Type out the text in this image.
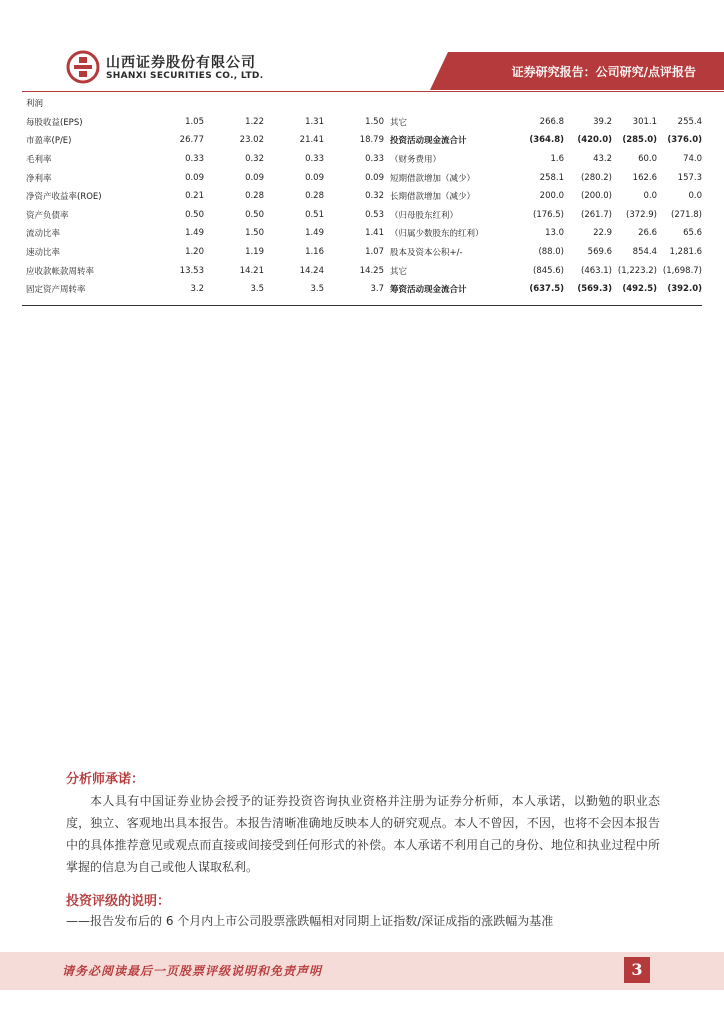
山西证券股份有限公司
SHANXI SECURITIES CO., LTD.	证券研究报告：公司研究/点评报告
利润									
每股收益(EPS)	1.05	1.22	1.31	1.50	其它	266.8	39.2	301.1	255.4
市盈率(P/E)	26.77	23.02	21.41	18.79	投资活动现金流合计	(364.8)	(420.0)	(285.0)	(376.0)
毛利率	0.33	0.32	0.33	0.33	（财务费用）	1.6	43.2	60.0	74.0
净利率	0.09	0.09	0.09	0.09	短期借款增加（减少）	258.1	(280.2)	162.6	157.3
净资产收益率(ROE)	0.21	0.28	0.28	0.32	长期借款增加（减少）	200.0	(200.0)	0.0	0.0
资产负债率	0.50	0.50	0.51	0.53	（归母股东红利）	(176.5)	(261.7)	(372.9)	(271.8)
流动比率	1.49	1.50	1.49	1.41	（归属少数股东的红利）	13.0	22.9	26.6	65.6
速动比率	1.20	1.19	1.16	1.07	股本及资本公积+/-	(88.0)	569.6	854.4	1,281.6
应收款帐款周转率	13.53	14.21	14.24	14.25	其它	(845.6)	(463.1)	(1,223.2)	(1,698.7)
固定资产周转率	3.2	3.5	3.5	3.7	筹资活动现金流合计	(637.5)	(569.3)	(492.5)	(392.0)
分析师承诺：
本人具有中国证券业协会授予的证券投资咨询执业资格并注册为证券分析师，本人承诺，以勤勉的职业态度，独立、客观地出具本报告。本报告清晰准确地反映本人的研究观点。本人不曾因，不因，也将不会因本报告中的具体推荐意见或观点而直接或间接受到任何形式的补偿。本人承诺不利用自己的身份、地位和执业过程中所掌握的信息为自己或他人谋取私利。
投资评级的说明：
——报告发布后的 6 个月内上市公司股票涨跌幅相对同期上证指数/深证成指的涨跌幅为基准
请务必阅读最后一页股票评级说明和免责声明	3
